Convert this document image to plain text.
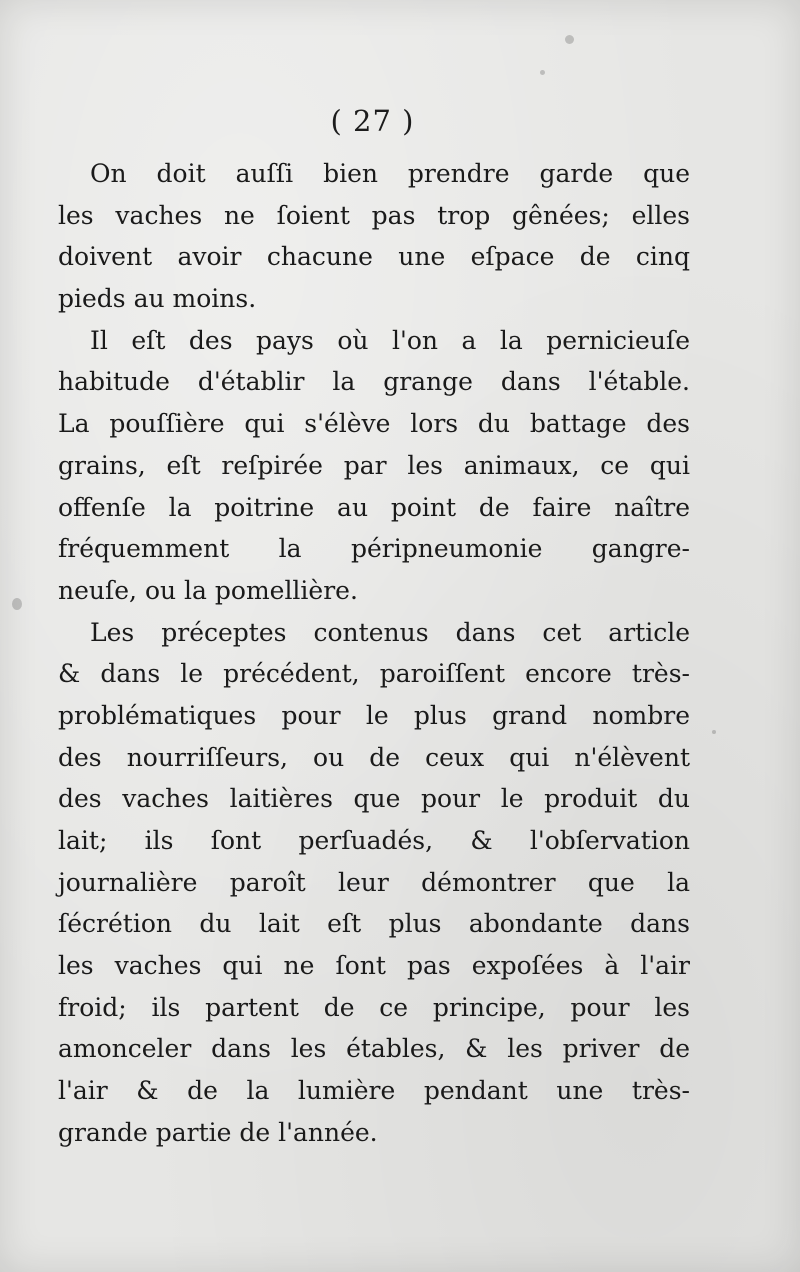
( 27 )
On doit auſſi bien prendre garde que
les vaches ne ſoient pas trop gênées; elles
doivent avoir chacune une eſpace de cinq
pieds au moins.
Il eſt des pays où l'on a la pernicieuſe
habitude d'établir la grange dans l'étable.
La pouſſière qui s'élève lors du battage des
grains, eſt reſpirée par les animaux, ce qui
offenſe la poitrine au point de faire naître
fréquemment la péripneumonie gangre-
neuſe, ou la pomellière.
Les préceptes contenus dans cet article
& dans le précédent, paroiſſent encore très-
problématiques pour le plus grand nombre
des nourriſſeurs, ou de ceux qui n'élèvent
des vaches laitières que pour le produit du
lait; ils ſont perſuadés, & l'obſervation
journalière paroît leur démontrer que la
ſécrétion du lait eſt plus abondante dans
les vaches qui ne ſont pas expoſées à l'air
froid; ils partent de ce principe, pour les
amonceler dans les étables, & les priver de
l'air & de la lumière pendant une très-
grande partie de l'année.
